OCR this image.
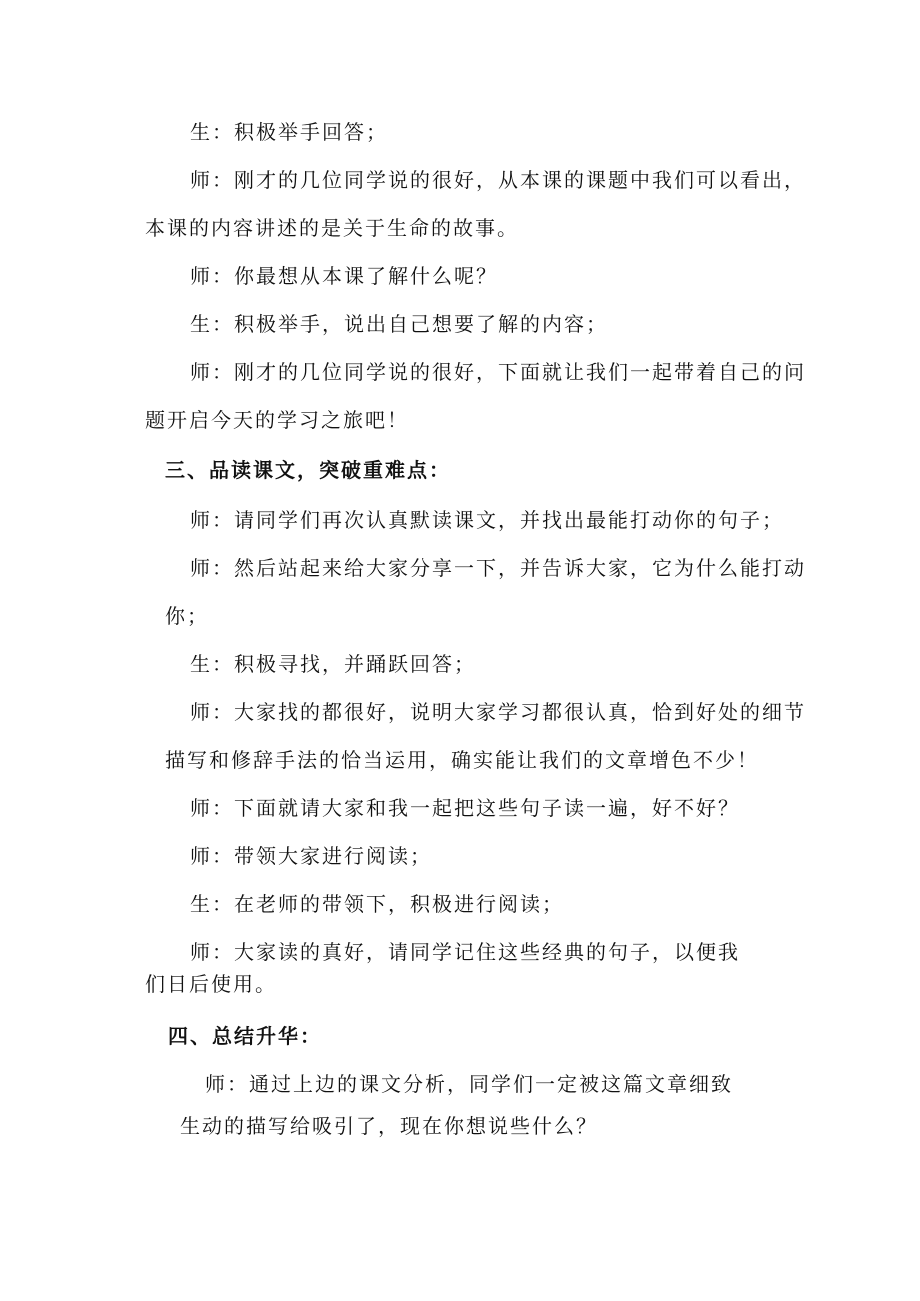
生：积极举手回答；
师：刚才的几位同学说的很好，从本课的课题中我们可以看出，
本课的内容讲述的是关于生命的故事。
师：你最想从本课了解什么呢？
生：积极举手，说出自己想要了解的内容；
师：刚才的几位同学说的很好，下面就让我们一起带着自己的问
题开启今天的学习之旅吧！
三、品读课文，突破重难点：
师：请同学们再次认真默读课文，并找出最能打动你的句子；
师：然后站起来给大家分享一下，并告诉大家，它为什么能打动
你；
生：积极寻找，并踊跃回答；
师：大家找的都很好，说明大家学习都很认真，恰到好处的细节
描写和修辞手法的恰当运用，确实能让我们的文章增色不少！
师：下面就请大家和我一起把这些句子读一遍，好不好？
师：带领大家进行阅读；
生：在老师的带领下，积极进行阅读；
师：大家读的真好，请同学记住这些经典的句子，以便我
们日后使用。
四、总结升华：
师：通过上边的课文分析，同学们一定被这篇文章细致
生动的描写给吸引了，现在你想说些什么？
